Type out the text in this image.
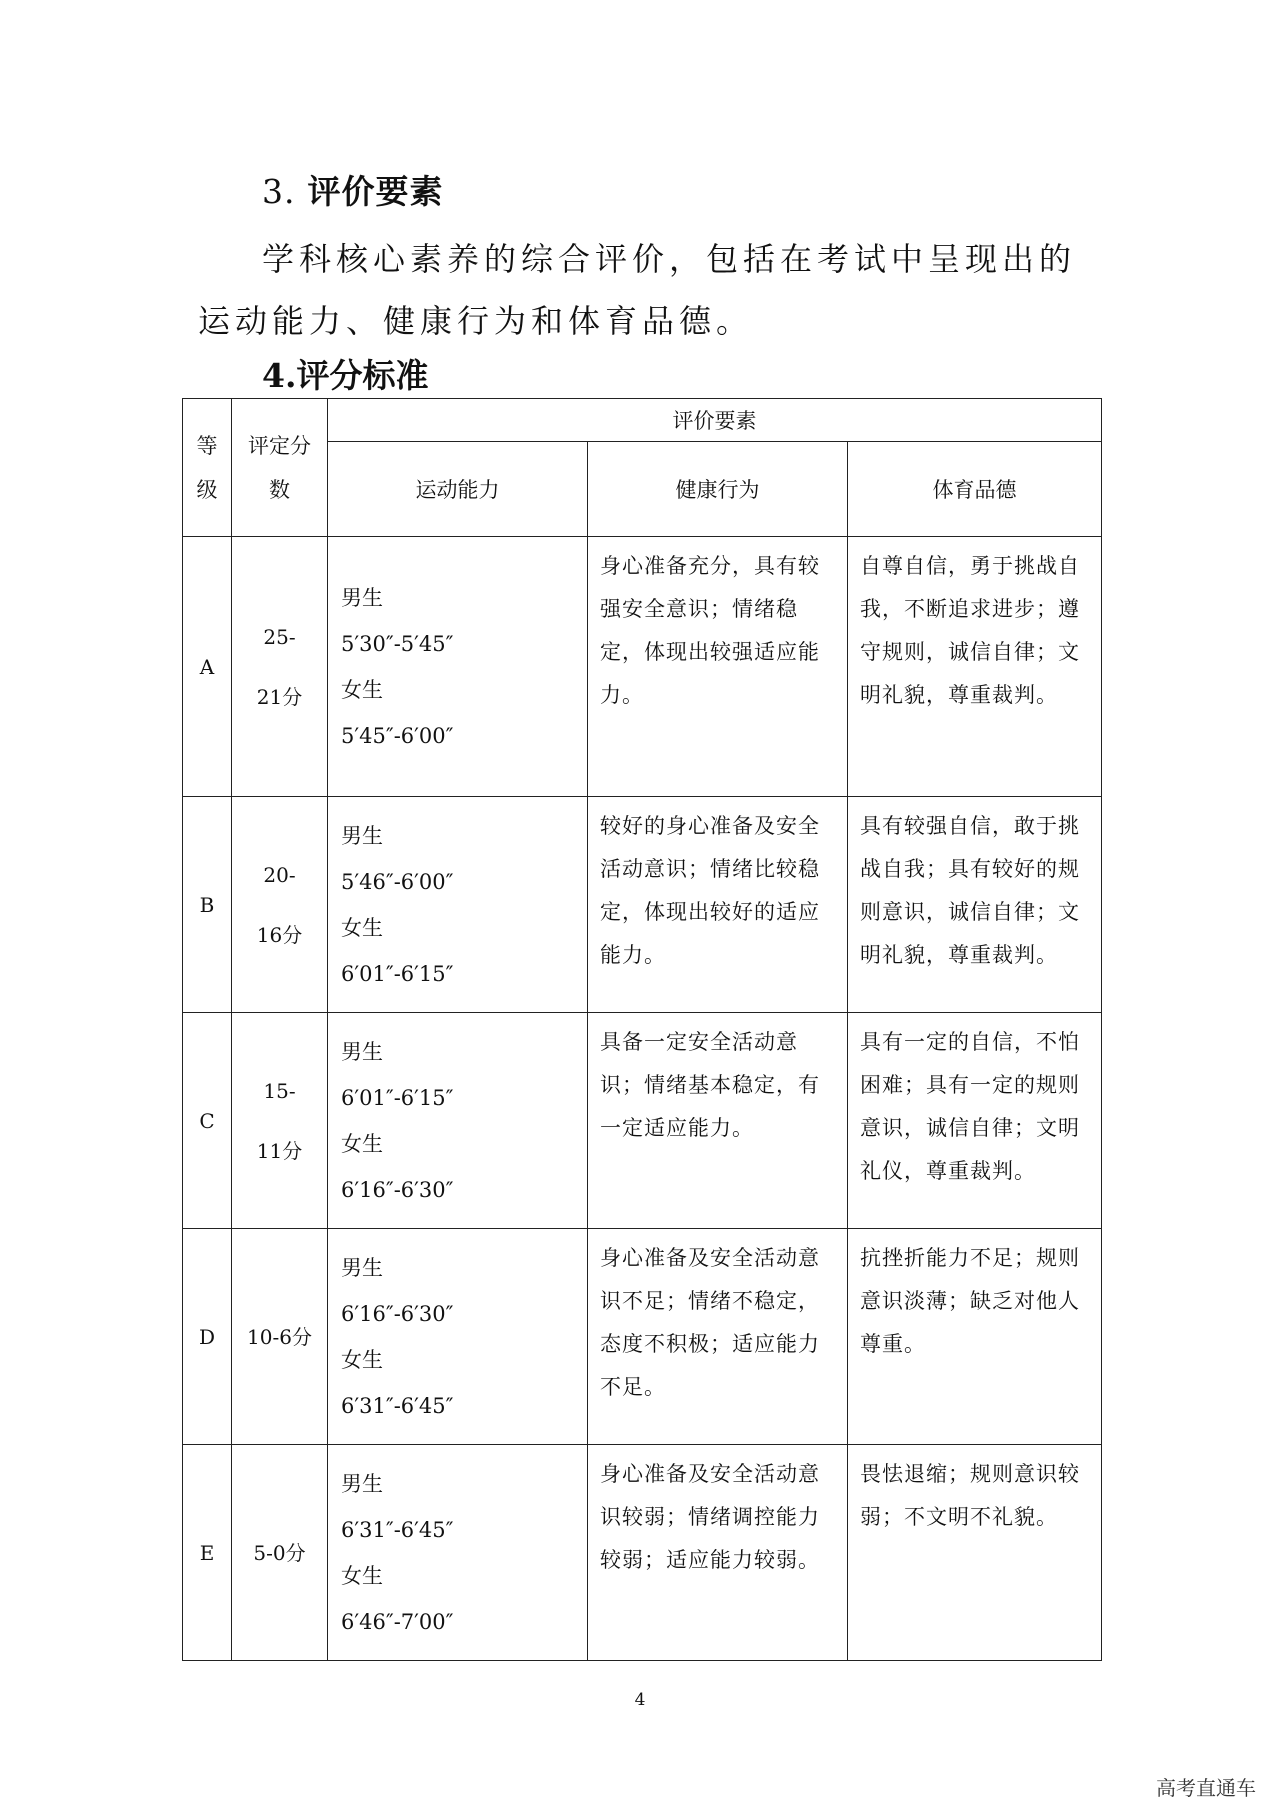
3. 评价要素
学科核心素养的综合评价，包括在考试中呈现出的运动能力、健康行为和体育品德。
4.评分标准
等级	评定分数	评价要素		
		运动能力	健康行为	体育品德
A	25-21分	男生
5′30″-5′45″
女生
5′45″-6′00″	身心准备充分，具有较强安全意识；情绪稳定，体现出较强适应能力。	自尊自信，勇于挑战自我，不断追求进步；遵守规则，诚信自律；文明礼貌，尊重裁判。
B	20-16分	男生
5′46″-6′00″
女生
6′01″-6′15″	较好的身心准备及安全活动意识；情绪比较稳定，体现出较好的适应能力。	具有较强自信，敢于挑战自我；具有较好的规则意识，诚信自律；文明礼貌，尊重裁判。
C	15-11分	男生
6′01″-6′15″
女生
6′16″-6′30″	具备一定安全活动意识；情绪基本稳定，有一定适应能力。	具有一定的自信，不怕困难；具有一定的规则意识，诚信自律；文明礼仪，尊重裁判。
D	10-6分	男生
6′16″-6′30″
女生
6′31″-6′45″	身心准备及安全活动意识不足；情绪不稳定，态度不积极；适应能力不足。	抗挫折能力不足；规则意识淡薄；缺乏对他人尊重。
E	5-0分	男生
6′31″-6′45″
女生
6′46″-7′00″	身心准备及安全活动意识较弱；情绪调控能力较弱；适应能力较弱。	畏怯退缩；规则意识较弱；不文明不礼貌。
4
高考直通车
